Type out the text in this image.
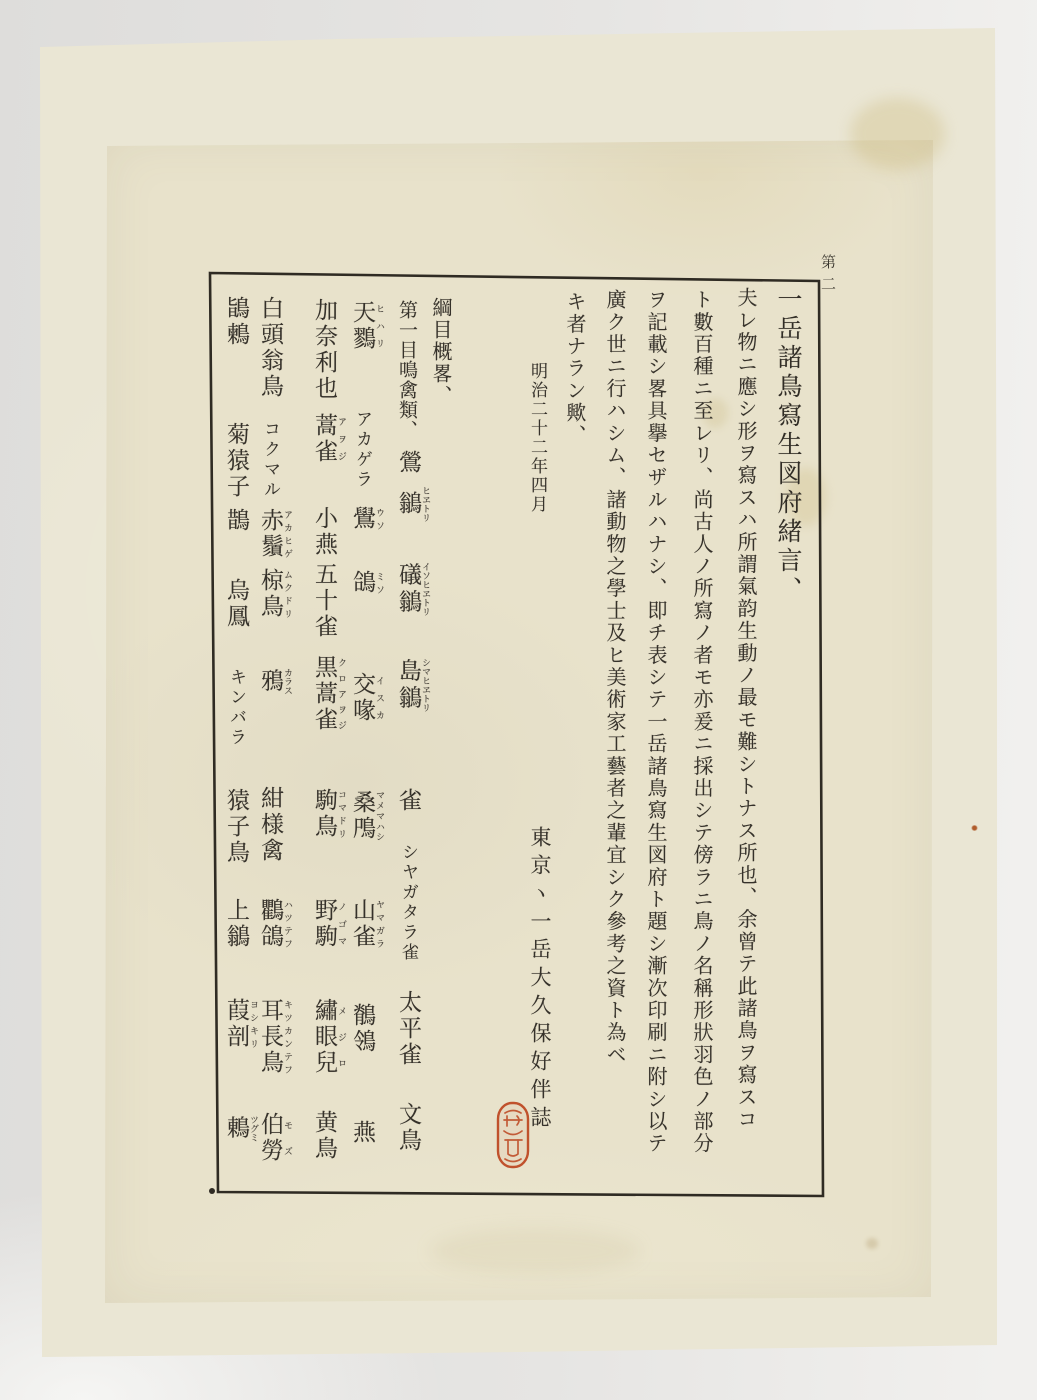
第二
一岳諸鳥寫生図府緒言、
夫レ物ニ應シ形ヲ寫スハ所謂氣韵生動ノ最モ難シトナス所也、余曾テ此諸鳥ヲ寫スコ
ト數百種ニ至レリ、尚古人ノ所寫ノ者モ亦爰ニ採出シテ傍ラニ鳥ノ名稱形狀羽色ノ部分
ヲ記載シ畧具擧セザルハナシ、即チ表シテ一岳諸鳥寫生図府ト題シ漸次印刷ニ附シ以テ
廣ク世ニ行ハシム、諸動物之學士及ヒ美術家工藝者之輩宜シク參考之資ト為ベ
キ者ナラン歟、
明治二十二年四月
東京ヽ一岳大久保好伴誌
綱目概畧、
第一目鳴禽類、
鶯
鶲 ヒヱトリ
礒鶲 イソヒヱトリ
島鶲 シマヒヱトリ
雀
シヤガタラ雀
太平雀
文鳥
天鷚 ヒハリ
アカゲラ
鷽 ウソ
鴿 ミソ
交喙 イスカ
桑鳲 マメマハシ
山雀 ヤマガラ
鶺鴒
燕
加奈利也
蒿雀 アヲジ
小燕
五十雀
黒蒿雀 クロアヲジ
駒鳥 コマドリ
野駒 ノゴマ
繡眼兒 メジロ
黄鳥
白頭翁鳥
コクマル
赤鬚 アカヒゲ
椋鳥 ムクドリ
鴉 カラス
紺様禽
鸜鴿 ハツテフ
耳長鳥 キツカンテフ
伯勞 モズ
鴲鶫
菊猿子
鵲
烏鳳
キンバラ
猿子鳥
上鶲
葭剖 ヨシキリ
鶇 ツグミ
